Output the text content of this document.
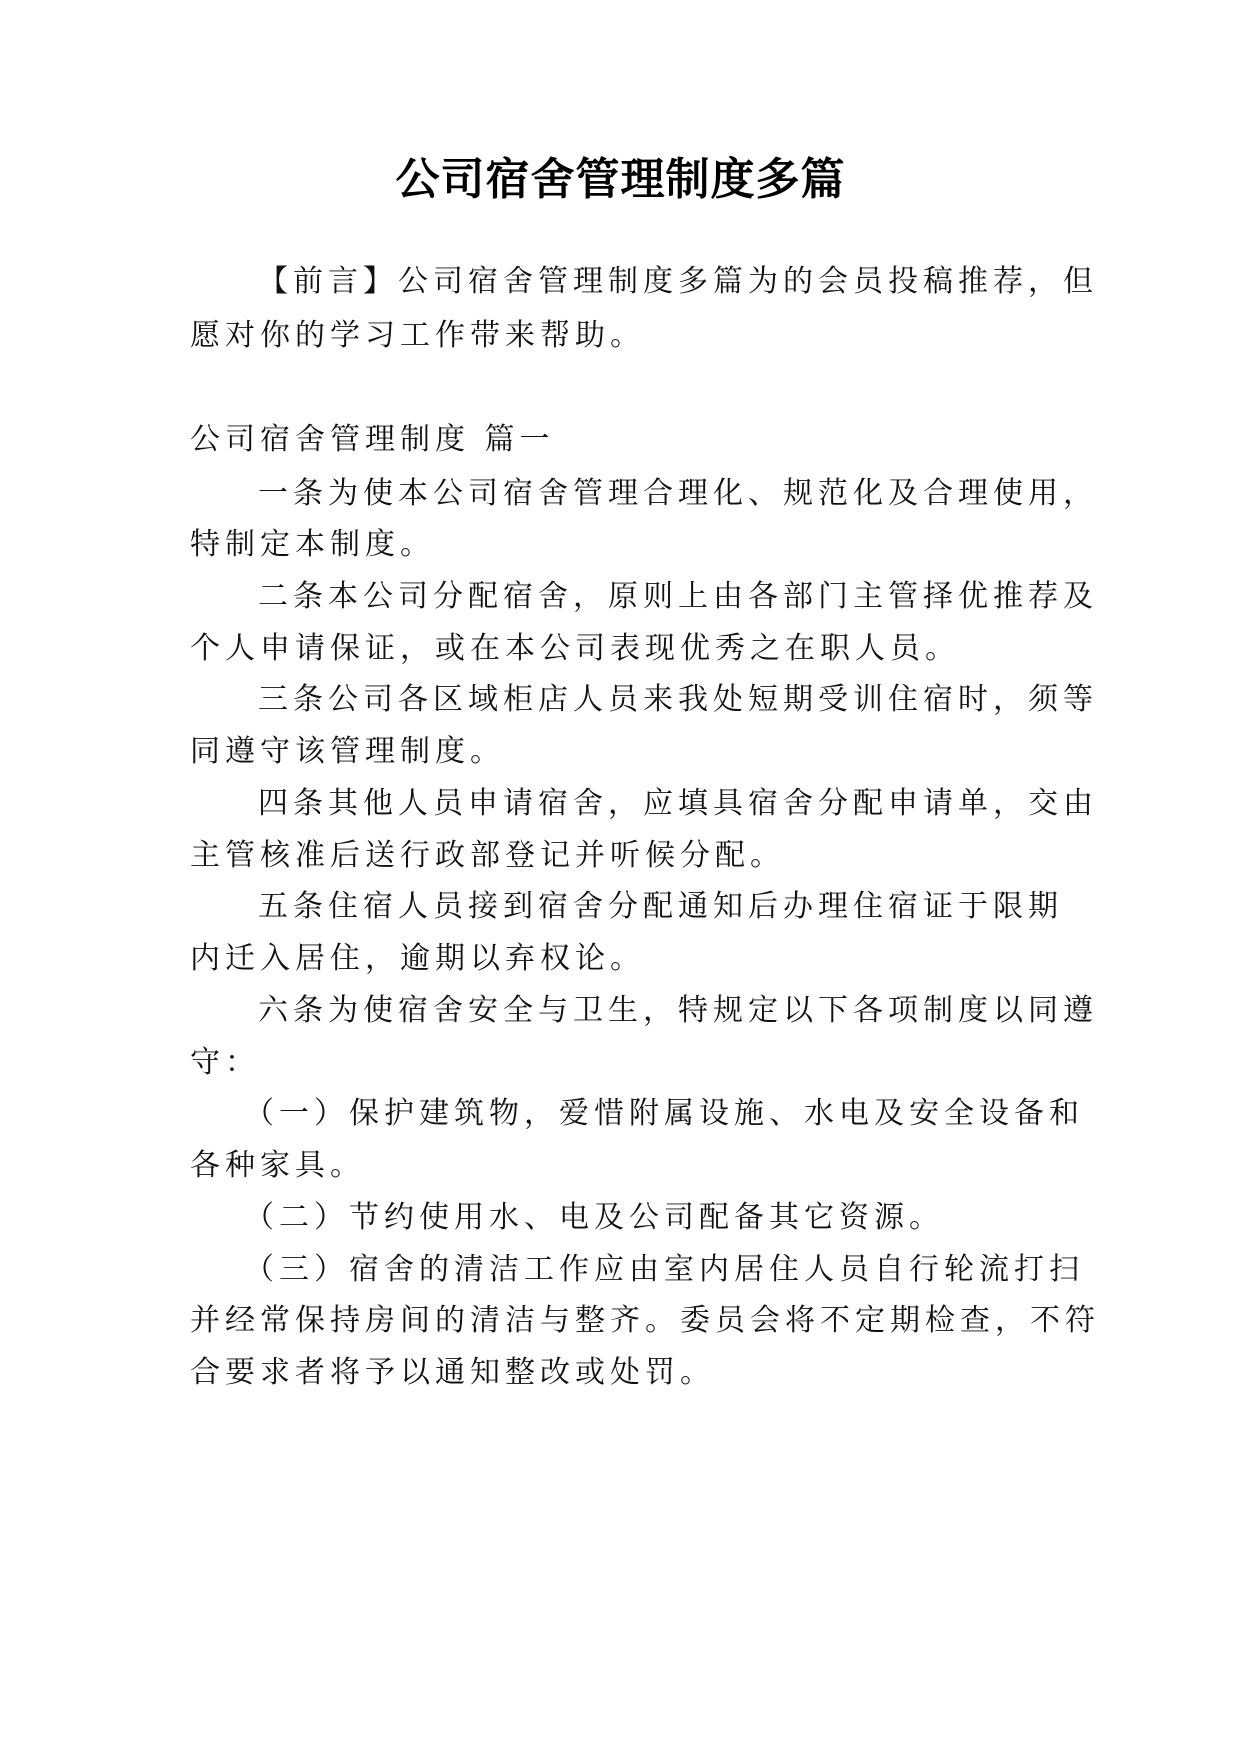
公司宿舍管理制度多篇

【前言】公司宿舍管理制度多篇为的会员投稿推荐，但

愿对你的学习工作带来帮助。

公司宿舍管理制度 篇一

一条为使本公司宿舍管理合理化、规范化及合理使用，

特制定本制度。

二条本公司分配宿舍，原则上由各部门主管择优推荐及

个人申请保证，或在本公司表现优秀之在职人员。

三条公司各区域柜店人员来我处短期受训住宿时，须等

同遵守该管理制度。

四条其他人员申请宿舍，应填具宿舍分配申请单，交由

主管核准后送行政部登记并听候分配。

五条住宿人员接到宿舍分配通知后办理住宿证于限期

内迁入居住，逾期以弃权论。

六条为使宿舍安全与卫生，特规定以下各项制度以同遵

守：

（一）保护建筑物，爱惜附属设施、水电及安全设备和

各种家具。

（二）节约使用水、电及公司配备其它资源。

（三）宿舍的清洁工作应由室内居住人员自行轮流打扫

并经常保持房间的清洁与整齐。委员会将不定期检查，不符

合要求者将予以通知整改或处罚。
